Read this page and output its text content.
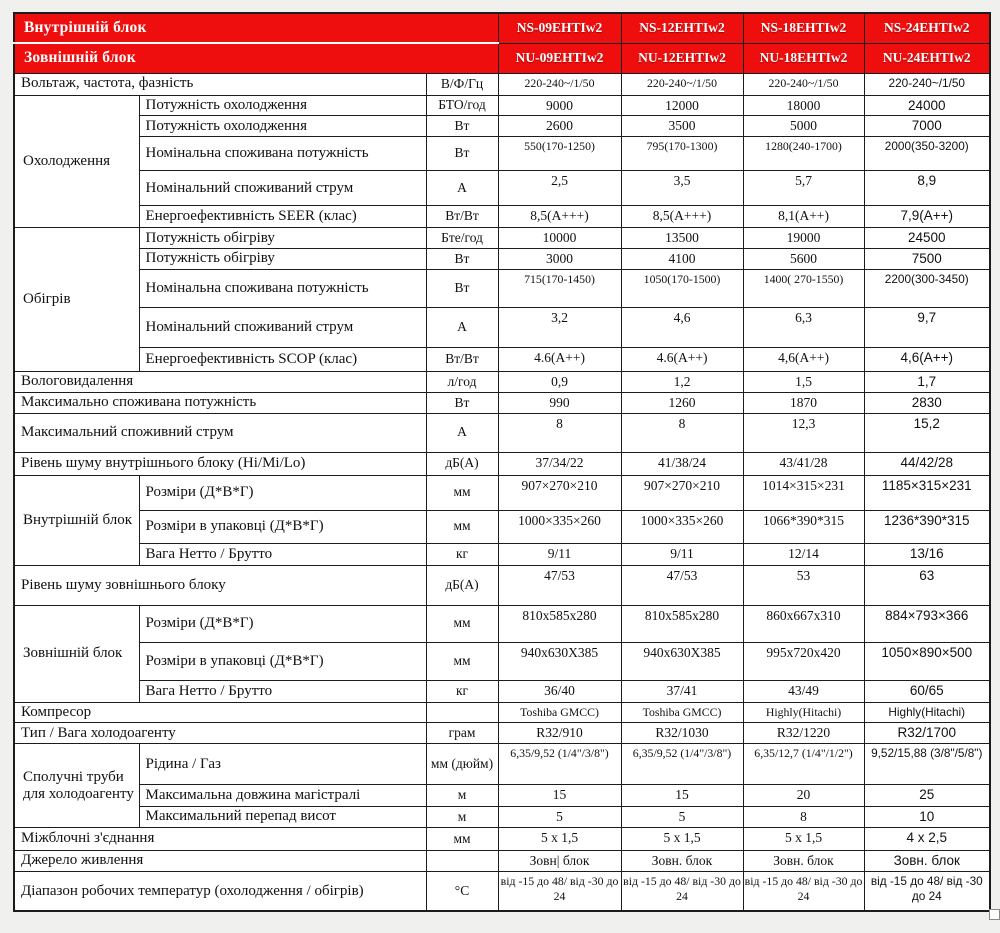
Внутрішній блок			NS-09EHTIw2	NS-12EHTIw2	NS-18EHTIw2	NS-24EHTIw2
Зовнішній блок			NU-09EHTIw2	NU-12EHTIw2	NU-18EHTIw2	NU-24EHTIw2
Вольтаж, частота, фазність		В/Ф/Гц	220-240~/1/50	220-240~/1/50	220-240~/1/50	220-240~/1/50
Охолодження	Потужність охолодження	БТО/год	9000	12000	18000	24000
	Потужність охолодження	Вт	2600	3500	5000	7000
	Номінальна споживана потужність	Вт	550(170-1250)	795(170-1300)	1280(240-1700)	2000(350-3200)
	Номінальний споживаний струм	А	2,5	3,5	5,7	8,9
	Енергоефективність SEER (клас)	Вт/Вт	8,5(A+++)	8,5(A+++)	8,1(A++)	7,9(A++)
Обігрів	Потужність обігріву	Бте/год	10000	13500	19000	24500
	Потужність обігріву	Вт	3000	4100	5600	7500
	Номінальна споживана потужність	Вт	715(170-1450)	1050(170-1500)	1400( 270-1550)	2200(300-3450)
	Номінальний споживаний струм	А	3,2	4,6	6,3	9,7
	Енергоефективність SCOP (клас)	Вт/Вт	4.6(A++)	4.6(A++)	4,6(A++)	4,6(A++)
Вологовидалення		л/год	0,9	1,2	1,5	1,7
Максимально споживана потужність		Вт	990	1260	1870	2830
Максимальний споживний струм		А	8	8	12,3	15,2
Рівень шуму внутрішнього блоку (Hi/Mi/Lo)		дБ(А)	37/34/22	41/38/24	43/41/28	44/42/28
Внутрішній блок	Розміри (Д*В*Г)	мм	907×270×210	907×270×210	1014×315×231	1185×315×231
	Розміри в упаковці (Д*В*Г)	мм	1000×335×260	1000×335×260	1066*390*315	1236*390*315
	Вага Нетто / Брутто	кг	9/11	9/11	12/14	13/16
Рівень шуму зовнішнього блоку		дБ(А)	47/53	47/53	53	63
Зовнішній блок	Розміри (Д*В*Г)	мм	810х585х280	810х585х280	860х667х310	884×793×366
	Розміри в упаковці (Д*В*Г)	мм	940х630Х385	940х630Х385	995х720х420	1050×890×500
	Вага Нетто / Брутто	кг	36/40	37/41	43/49	60/65
Компресор			Toshiba GMCC)	Toshiba GMCC)	Highly(Hitachi)	Highly(Hitachi)
Тип / Вага холодоагенту		грам	R32/910	R32/1030	R32/1220	R32/1700
Сполучні труби для холодоагенту	Рідина / Газ	мм (дюйм)	6,35/9,52 (1/4"/3/8")	6,35/9,52 (1/4"/3/8")	6,35/12,7 (1/4"/1/2")	9,52/15,88 (3/8"/5/8")
	Максимальна довжина магістралі	м	15	15	20	25
	Максимальний перепад висот	м	5	5	8	10
Міжблочні з'єднання		мм	5 х 1,5	5 х 1,5	5 х 1,5	4 х 2,5
Джерело живлення			Зовн| блок	Зовн. блок	Зовн. блок	Зовн. блок
Діапазон робочих температур (охолодження / обігрів)		°С	від -15 до 48/ від -30 до 24	від -15 до 48/ від -30 до 24	від -15 до 48/ від -30 до 24	від -15 до 48/ від -30 до 24
